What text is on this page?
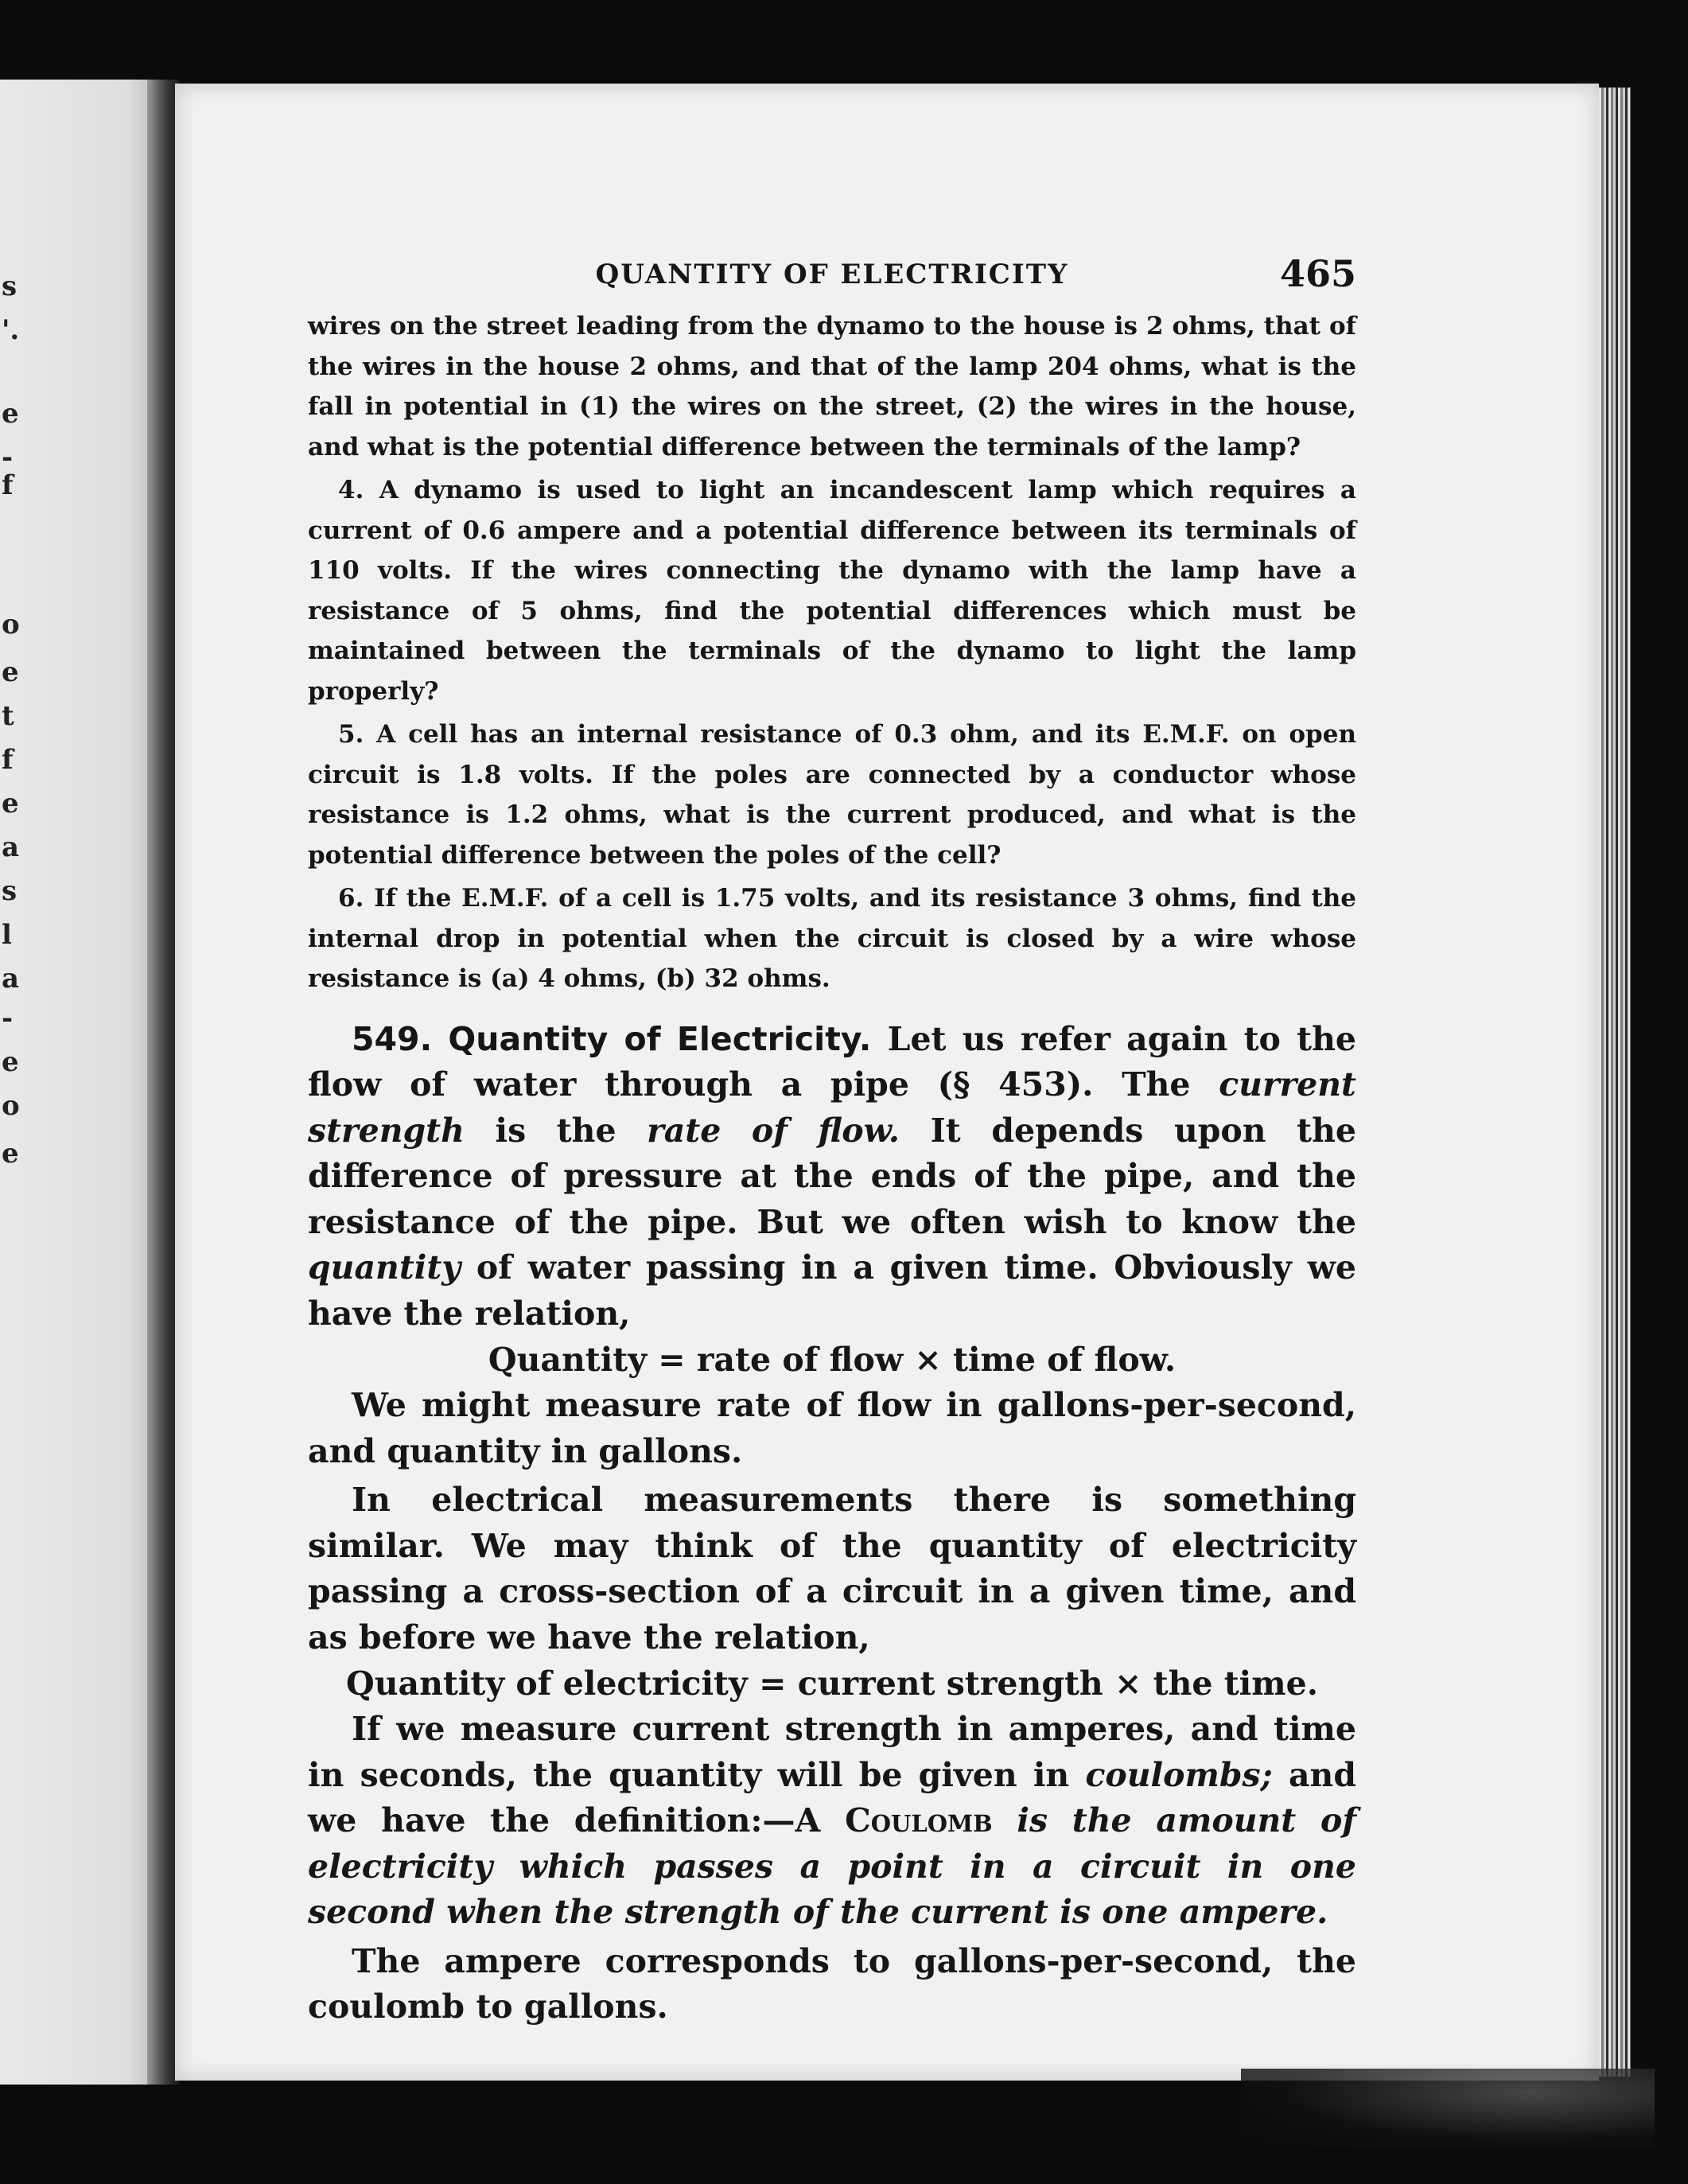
s
'.
e
-
f
o
e
t
f
e
a
s
l
a
-
e
o
e
QUANTITY OF ELECTRICITY	465

wires on the street leading from the dynamo to the house is 2 ohms, that of the wires in the house 2 ohms, and that of the lamp 204 ohms, what is the fall in potential in (1) the wires on the street, (2) the wires in the house, and what is the potential difference between the terminals of the lamp?

4. A dynamo is used to light an incandescent lamp which requires a current of 0.6 ampere and a potential difference between its terminals of 110 volts. If the wires connecting the dynamo with the lamp have a resistance of 5 ohms, find the potential differences which must be maintained between the terminals of the dynamo to light the lamp properly?

5. A cell has an internal resistance of 0.3 ohm, and its E.M.F. on open circuit is 1.8 volts. If the poles are connected by a conductor whose resistance is 1.2 ohms, what is the current produced, and what is the potential difference between the poles of the cell?

6. If the E.M.F. of a cell is 1.75 volts, and its resistance 3 ohms, find the internal drop in potential when the circuit is closed by a wire whose resistance is (a) 4 ohms, (b) 32 ohms.

549. Quantity of Electricity. Let us refer again to the flow of water through a pipe (§ 453). The current strength is the rate of flow. It depends upon the difference of pressure at the ends of the pipe, and the resistance of the pipe. But we often wish to know the quantity of water passing in a given time. Obviously we have the relation,

Quantity = rate of flow × time of flow.

We might measure rate of flow in gallons-per-second, and quantity in gallons.

In electrical measurements there is something similar. We may think of the quantity of electricity passing a cross-section of a circuit in a given time, and as before we have the relation,

Quantity of electricity = current strength × the time.

If we measure current strength in amperes, and time in seconds, the quantity will be given in coulombs; and we have the definition:—A Coulomb is the amount of electricity which passes a point in a circuit in one second when the strength of the current is one ampere.

The ampere corresponds to gallons-per-second, the coulomb to gallons.
